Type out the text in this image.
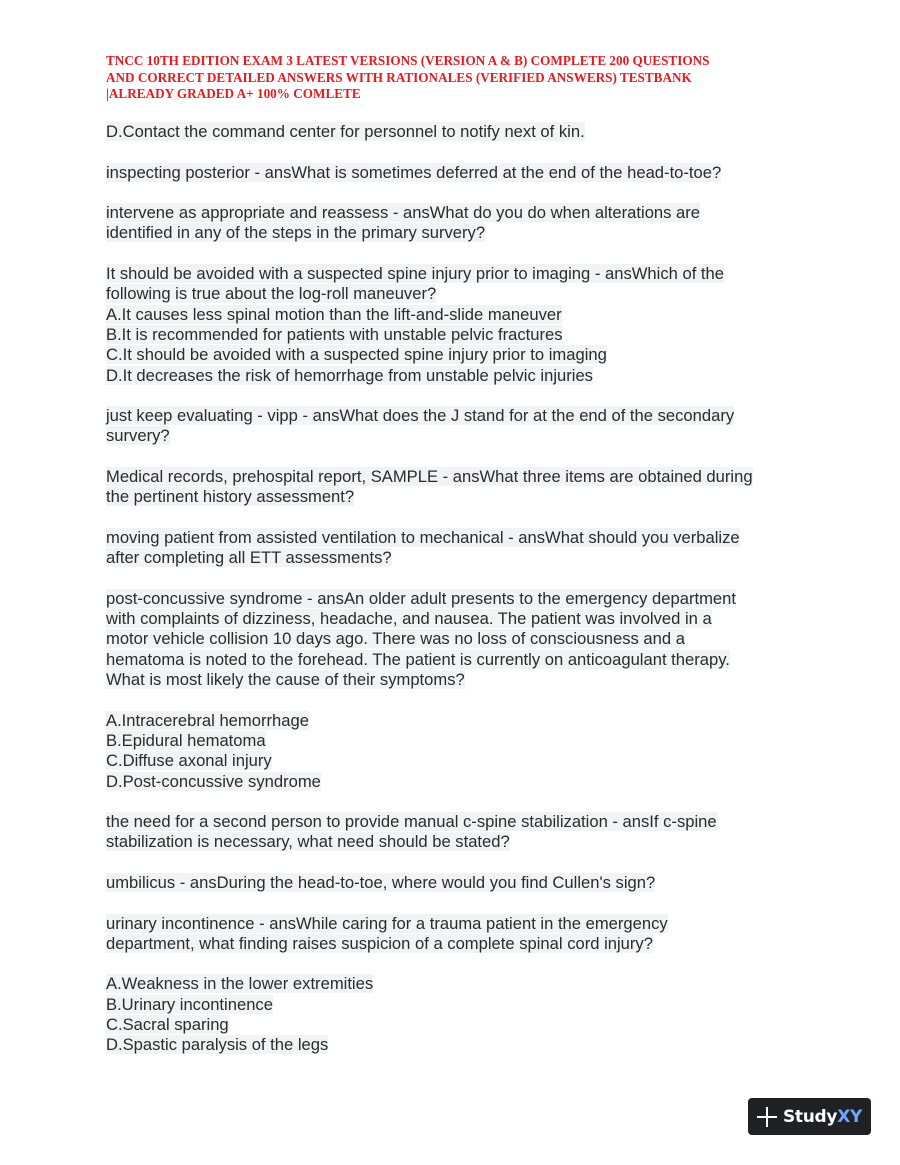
TNCC 10TH EDITION EXAM 3 LATEST VERSIONS (VERSION A & B) COMPLETE 200 QUESTIONS
AND CORRECT DETAILED ANSWERS WITH RATIONALES (VERIFIED ANSWERS) TESTBANK
|ALREADY GRADED A+ 100% COMLETE
D.Contact the command center for personnel to notify next of kin.
inspecting posterior - ansWhat is sometimes deferred at the end of the head-to-toe?
intervene as appropriate and reassess - ansWhat do you do when alterations are
identified in any of the steps in the primary survery?
It should be avoided with a suspected spine injury prior to imaging - ansWhich of the
following is true about the log-roll maneuver?
A.It causes less spinal motion than the lift-and-slide maneuver
B.It is recommended for patients with unstable pelvic fractures
C.It should be avoided with a suspected spine injury prior to imaging
D.It decreases the risk of hemorrhage from unstable pelvic injuries
just keep evaluating - vipp - ansWhat does the J stand for at the end of the secondary
survery?
Medical records, prehospital report, SAMPLE - ansWhat three items are obtained during
the pertinent history assessment?
moving patient from assisted ventilation to mechanical - ansWhat should you verbalize
after completing all ETT assessments?
post-concussive syndrome - ansAn older adult presents to the emergency department
with complaints of dizziness, headache, and nausea. The patient was involved in a
motor vehicle collision 10 days ago. There was no loss of consciousness and a
hematoma is noted to the forehead. The patient is currently on anticoagulant therapy.
What is most likely the cause of their symptoms?
A.Intracerebral hemorrhage
B.Epidural hematoma
C.Diffuse axonal injury
D.Post-concussive syndrome
the need for a second person to provide manual c-spine stabilization - ansIf c-spine
stabilization is necessary, what need should be stated?
umbilicus - ansDuring the head-to-toe, where would you find Cullen's sign?
urinary incontinence - ansWhile caring for a trauma patient in the emergency
department, what finding raises suspicion of a complete spinal cord injury?
A.Weakness in the lower extremities
B.Urinary incontinence
C.Sacral sparing
D.Spastic paralysis of the legs
StudyXY
